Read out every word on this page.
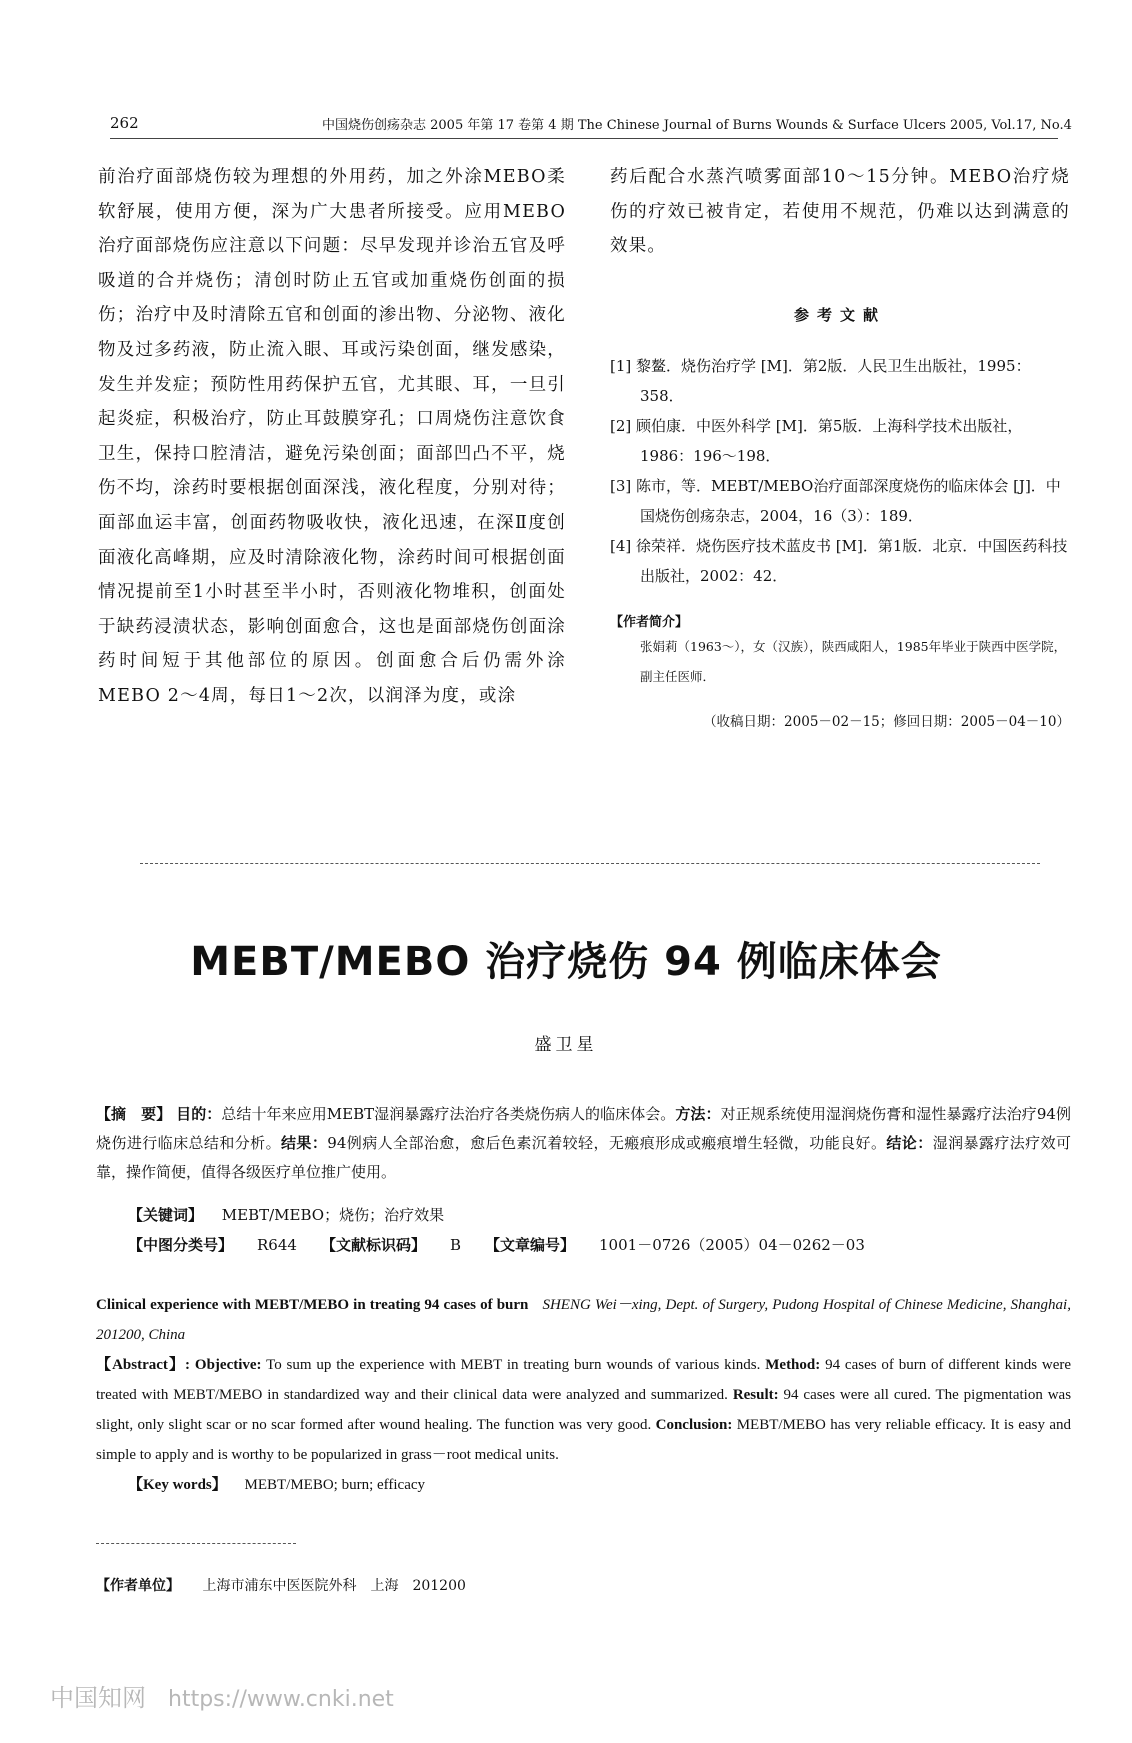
262	中国烧伤创疡杂志 2005 年第 17 卷第 4 期 The Chinese Journal of Burns Wounds & Surface Ulcers 2005, Vol.17, No.4

前治疗面部烧伤较为理想的外用药，加之外涂MEBO柔软舒展，使用方便，深为广大患者所接受。应用MEBO治疗面部烧伤应注意以下问题：尽早发现并诊治五官及呼吸道的合并烧伤；清创时防止五官或加重烧伤创面的损伤；治疗中及时清除五官和创面的渗出物、分泌物、液化物及过多药液，防止流入眼、耳或污染创面，继发感染，发生并发症；预防性用药保护五官，尤其眼、耳，一旦引起炎症，积极治疗，防止耳鼓膜穿孔；口周烧伤注意饮食卫生，保持口腔清洁，避免污染创面；面部凹凸不平，烧伤不均，涂药时要根据创面深浅，液化程度，分别对待；面部血运丰富，创面药物吸收快，液化迅速，在深Ⅱ度创面液化高峰期，应及时清除液化物，涂药时间可根据创面情况提前至1小时甚至半小时，否则液化物堆积，创面处于缺药浸渍状态，影响创面愈合，这也是面部烧伤创面涂药时间短于其他部位的原因。创面愈合后仍需外涂MEBO 2～4周，每日1～2次，以润泽为度，或涂

药后配合水蒸汽喷雾面部10～15分钟。MEBO治疗烧伤的疗效已被肯定，若使用不规范，仍难以达到满意的效果。

参考文献

[1] 黎鳌．烧伤治疗学 [M]．第2版．人民卫生出版社，1995：358．

[2] 顾伯康．中医外科学 [M]．第5版．上海科学技术出版社，1986：196～198．

[3] 陈市，等．MEBT/MEBO治疗面部深度烧伤的临床体会 [J]．中国烧伤创疡杂志，2004，16（3）：189．

[4] 徐荣祥．烧伤医疗技术蓝皮书 [M]．第1版．北京．中国医药科技出版社，2002：42．

【作者简介】

张娟莉（1963～），女（汉族），陕西咸阳人，1985年毕业于陕西中医学院，副主任医师．

（收稿日期：2005－02－15；修回日期：2005－04－10）
MEBT/MEBO 治疗烧伤 94 例临床体会
盛卫星
【摘　要】 目的：总结十年来应用MEBT湿润暴露疗法治疗各类烧伤病人的临床体会。方法：对正规系统使用湿润烧伤膏和湿性暴露疗法治疗94例烧伤进行临床总结和分析。结果：94例病人全部治愈，愈后色素沉着较轻，无瘢痕形成或瘢痕增生轻微，功能良好。结论：湿润暴露疗法疗效可靠，操作简便，值得各级医疗单位推广使用。
【关键词】 MEBT/MEBO；烧伤；治疗效果
【中图分类号】 R644 【文献标识码】 B 【文章编号】 1001－0726（2005）04－0262－03
Clinical experience with MEBT/MEBO in treating 94 cases of burn SHENG Wei－xing, Dept. of Surgery, Pudong Hospital of Chinese Medicine, Shanghai, 201200, China
【Abstract】: Objective: To sum up the experience with MEBT in treating burn wounds of various kinds. Method: 94 cases of burn of different kinds were treated with MEBT/MEBO in standardized way and their clinical data were analyzed and summarized. Result: 94 cases were all cured. The pigmentation was slight, only slight scar or no scar formed after wound healing. The function was very good. Conclusion: MEBT/MEBO has very reliable efficacy. It is easy and simple to apply and is worthy to be popularized in grass－root medical units.
【Key words】 MEBT/MEBO; burn; efficacy
【作者单位】 上海市浦东中医医院外科　上海　201200
中国知网 https://www.cnki.net
